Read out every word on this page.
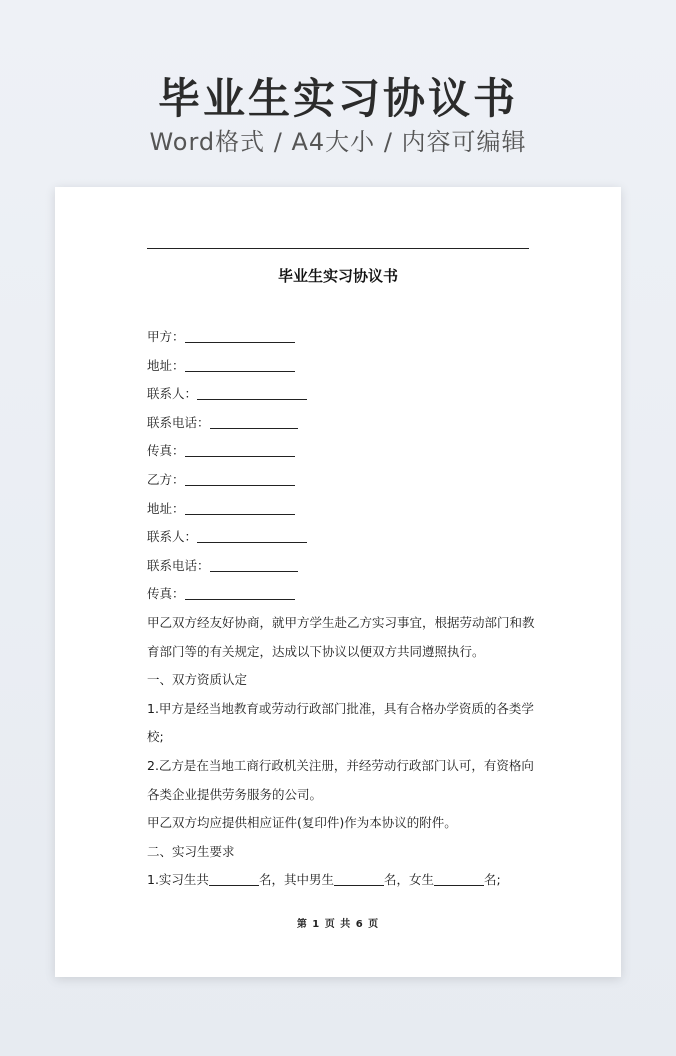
毕业生实习协议书
Word格式 / A4大小 / 内容可编辑
毕业生实习协议书
甲方：
地址：
联系人：
联系电话：
传真：
乙方：
地址：
联系人：
联系电话：
传真：
甲乙双方经友好协商，就甲方学生赴乙方实习事宜，根据劳动部门和教育部门等的有关规定，达成以下协议以便双方共同遵照执行。
一、双方资质认定
1.甲方是经当地教育或劳动行政部门批准，具有合格办学资质的各类学校;
2.乙方是在当地工商行政机关注册，并经劳动行政部门认可，有资格向各类企业提供劳务服务的公司。
甲乙双方均应提供相应证件(复印件)作为本协议的附件。
二、实习生要求
1.实习生共	名，其中男生	名，女生	名;
第 1 页 共 6 页
